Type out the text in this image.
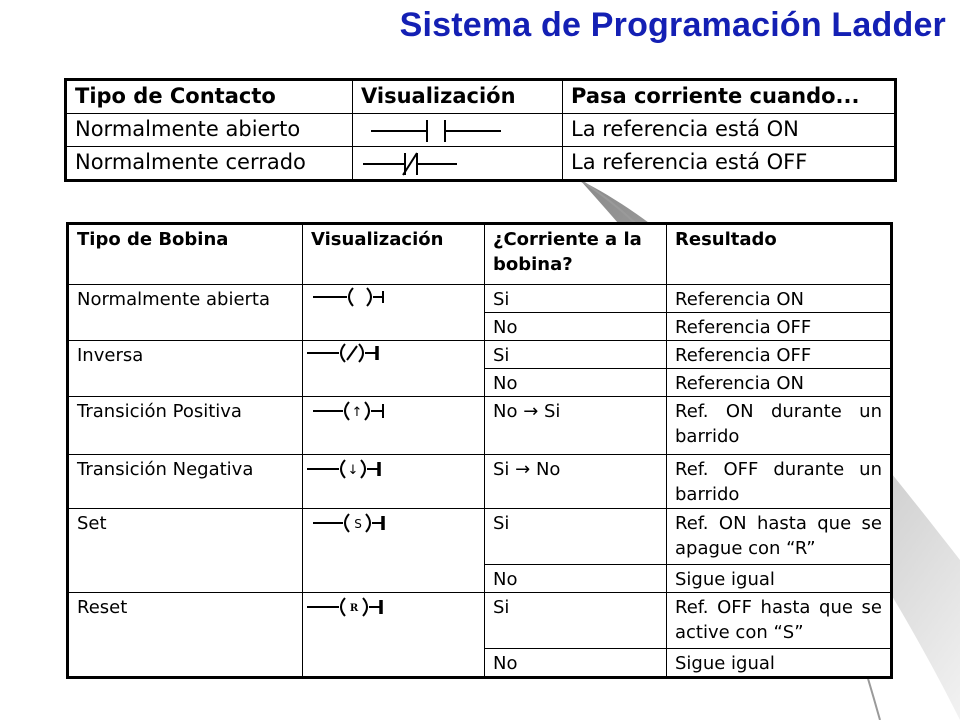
Sistema de Programación Ladder
Tipo de Contacto	Visualización	Pasa corriente cuando...
Normalmente abierto		La referencia está ON
Normalmente cerrado		La referencia está OFF
Tipo de Bobina	Visualización	¿Corriente a la bobina?	Resultado
Normalmente abierta		Si	Referencia ON
		No	Referencia OFF
Inversa		Si	Referencia OFF
		No	Referencia ON
Transición Positiva	↑	No → Si	Ref. ON durante un barrido
Transición Negativa	↓	Si → No	Ref. OFF durante un barrido
Set	S	Si	Ref. ON hasta que se apague con “R”
		No	Sigue igual
Reset	R	Si	Ref. OFF hasta que se active con “S”
		No	Sigue igual
